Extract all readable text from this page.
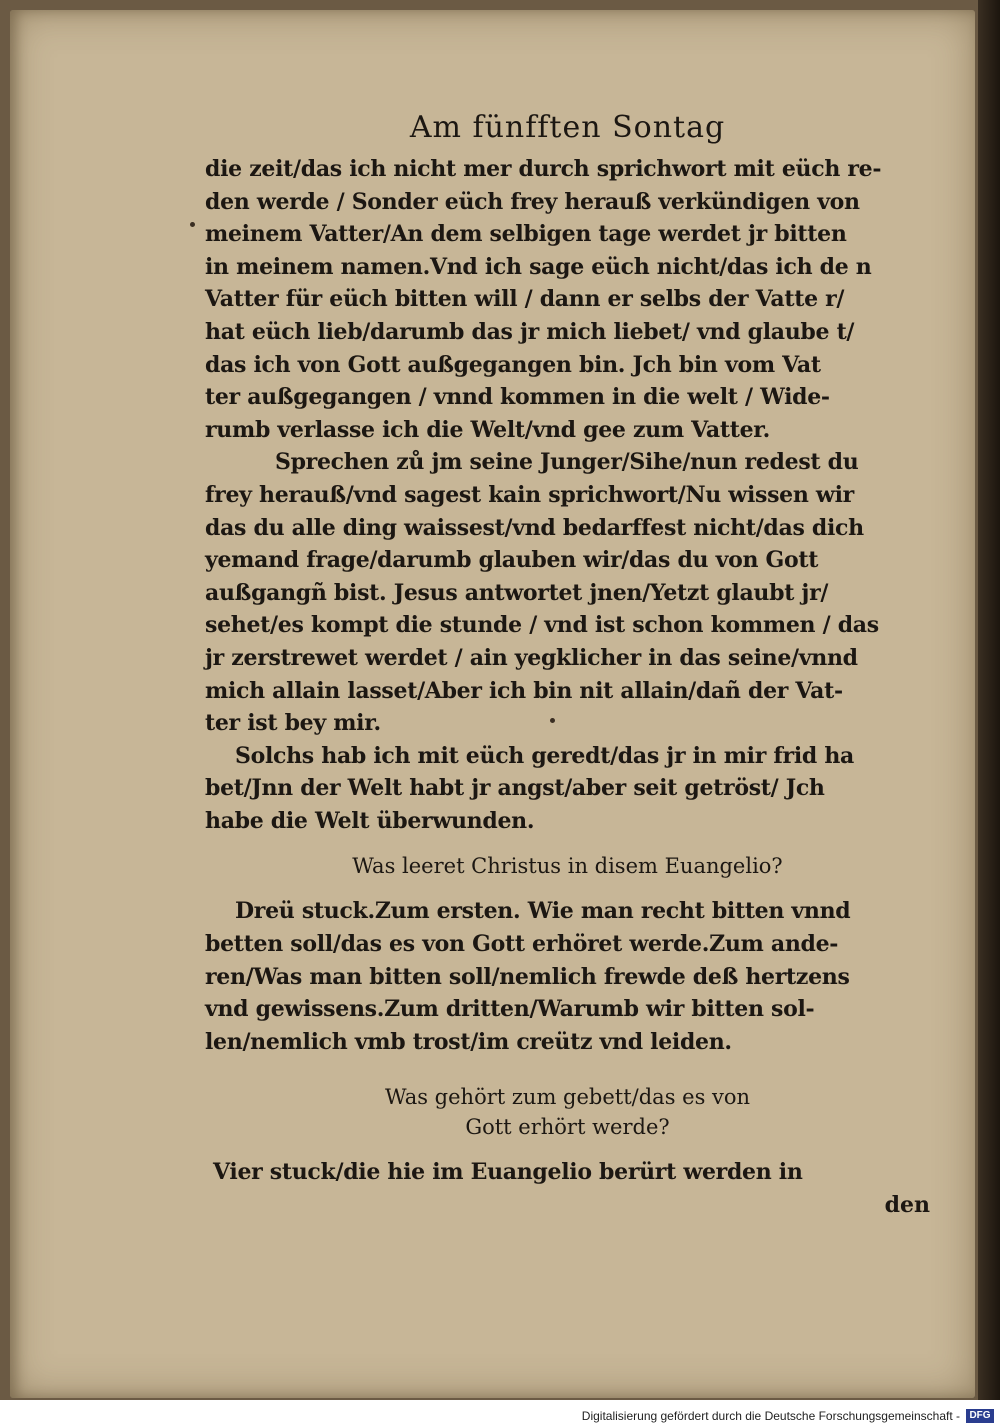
Am fünfften Sontag
die zeit/das ich nicht mer durch sprichwort mit eüch re-
den werde / Sonder eüch frey herauß verkündigen von
meinem Vatter/An dem selbigen tage werdet jr bitten
in meinem namen.Vnd ich sage eüch nicht/das ich de n
Vatter für eüch bitten will / dann er selbs der Vatte r/
hat eüch lieb/darumb das jr mich liebet/ vnd glaube t/
das ich von Gott außgegangen bin. Jch bin vom Vat
ter außgegangen / vnnd kommen in die welt / Wide-
rumb verlasse ich die Welt/vnd gee zum Vatter.
Sprechen zů jm seine Junger/Sihe/nun redest du
frey herauß/vnd sagest kain sprichwort/Nu wissen wir
das du alle ding waissest/vnd bedarffest nicht/das dich
yemand frage/darumb glauben wir/das du von Gott
außgangñ bist. Jesus antwortet jnen/Yetzt glaubt jr/
sehet/es kompt die stunde / vnd ist schon kommen / das
jr zerstrewet werdet / ain yegklicher in das seine/vnnd
mich allain lasset/Aber ich bin nit allain/dañ der Vat-
ter ist bey mir.
Solchs hab ich mit eüch geredt/das jr in mir frid ha
bet/Jnn der Welt habt jr angst/aber seit getröst/ Jch
habe die Welt überwunden.
Was leeret Christus in disem Euangelio?
Dreü stuck.Zum ersten. Wie man recht bitten vnnd
betten soll/das es von Gott erhöret werde.Zum ande-
ren/Was man bitten soll/nemlich frewde deß hertzens
vnd gewissens.Zum dritten/Warumb wir bitten sol-
len/nemlich vmb trost/im creütz vnd leiden.
Was gehört zum gebett/das es von
Gott erhört werde?
Vier stuck/die hie im Euangelio berürt werden in
den
Digitalisierung gefördert durch die Deutsche Forschungsgemeinschaft - DFG
